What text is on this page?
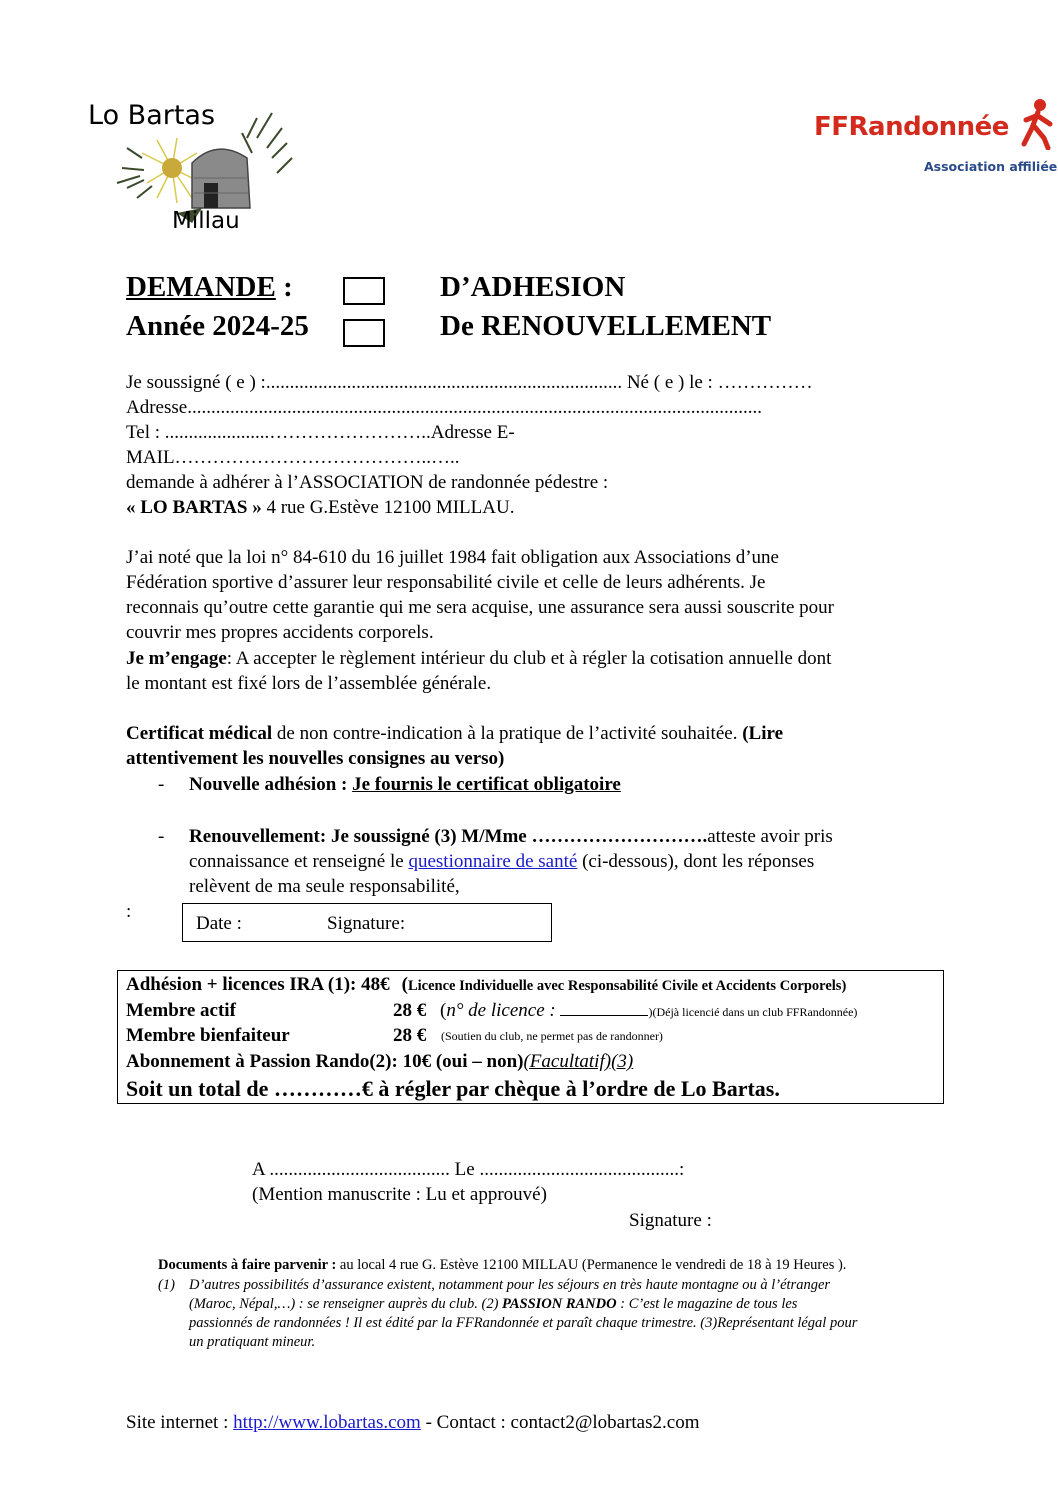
Lo Bartas
Millau
FFRandonnée
Association affiliée
DEMANDE :	D’ADHESION
Année 2024-25	De RENOUVELLEMENT
Je soussigné ( e ) :........................................................................... Né ( e ) le : ……………
Adresse.........................................................................................................................
Tel : ......................……………………..Adresse E-
MAIL…………………………………..…..
demande à adhérer à l’ASSOCIATION de randonnée pédestre :
« LO BARTAS » 4 rue G.Estève 12100 MILLAU.
J’ai noté que la loi n° 84-610 du 16 juillet 1984 fait obligation aux Associations d’une
Fédération sportive d’assurer leur responsabilité civile et celle de leurs adhérents. Je
reconnais qu’outre cette garantie qui me sera acquise, une assurance sera aussi souscrite pour
couvrir mes propres accidents corporels.
Je m’engage: A accepter le règlement intérieur du club et à régler la cotisation annuelle dont
le montant est fixé lors de l’assemblée générale.
Certificat médical de non contre-indication à la pratique de l’activité souhaitée. (Lire
attentivement les nouvelles consignes au verso)
- Nouvelle adhésion : Je fournis le certificat obligatoire
- Renouvellement: Je soussigné (3) M/Mme ……………………….atteste avoir pris
connaissance et renseigné le questionnaire de santé (ci-dessous), dont les réponses
relèvent de ma seule responsabilité,
:
Date :	Signature:
Adhésion + licences IRA (1): 48€ (Licence Individuelle avec Responsabilité Civile et Accidents Corporels)
Membre actif	28 € (n° de licence :	)(Déjà licencié dans un club FFRandonnée)
Membre bienfaiteur	28 € (Soutien du club, ne permet pas de randonner)
Abonnement à Passion Rando(2): 10€ (oui – non)(Facultatif)(3)
Soit un total de …………€ à régler par chèque à l’ordre de Lo Bartas.
A ...................................... Le ..........................................:
(Mention manuscrite : Lu et approuvé)
Signature :
Documents à faire parvenir : au local 4 rue G. Estève 12100 MILLAU (Permanence le vendredi de 18 à 19 Heures ).
(1) D’autres possibilités d’assurance existent, notamment pour les séjours en très haute montagne ou à l’étranger
(Maroc, Népal,…) : se renseigner auprès du club. (2) PASSION RANDO : C’est le magazine de tous les
passionnés de randonnées ! Il est édité par la FFRandonnée et paraît chaque trimestre. (3)Représentant légal pour
un pratiquant mineur.
Site internet : http://www.lobartas.com - Contact : contact2@lobartas2.com
